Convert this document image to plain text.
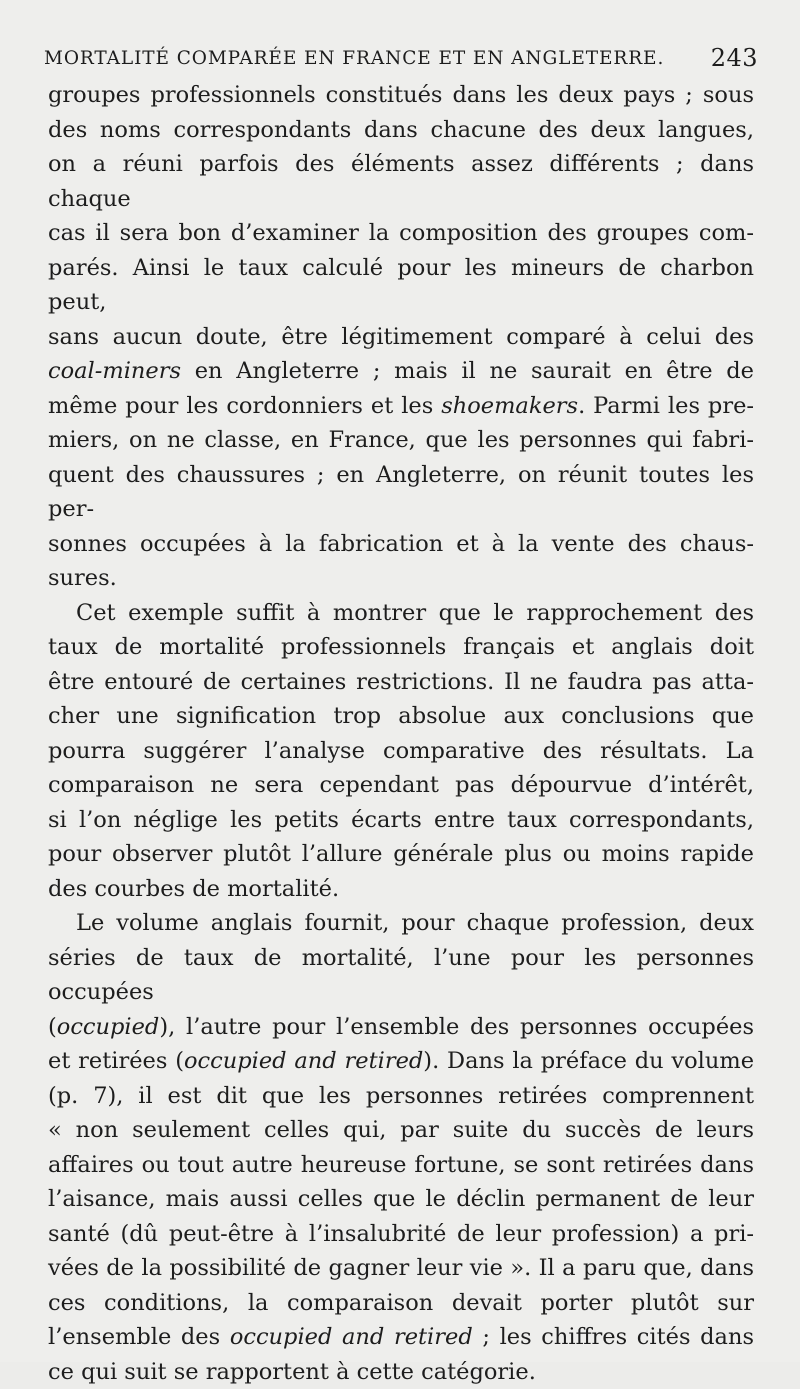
MORTALITÉ COMPARÉE EN FRANCE ET EN ANGLETERRE. 243

groupes professionnels constitués dans les deux pays ; sous

des noms correspondants dans chacune des deux langues,

on a réuni parfois des éléments assez différents ; dans chaque

cas il sera bon d’examiner la composition des groupes com-

parés. Ainsi le taux calculé pour les mineurs de charbon peut,

sans aucun doute, être légitimement comparé à celui des

coal-miners en Angleterre ; mais il ne saurait en être de

même pour les cordonniers et les shoemakers. Parmi les pre-

miers, on ne classe, en France, que les personnes qui fabri-

quent des chaussures ; en Angleterre, on réunit toutes les per-

sonnes occupées à la fabrication et à la vente des chaus-

sures.

Cet exemple suffit à montrer que le rapprochement des

taux de mortalité professionnels français et anglais doit

être entouré de certaines restrictions. Il ne faudra pas atta-

cher une signification trop absolue aux conclusions que

pourra suggérer l’analyse comparative des résultats. La

comparaison ne sera cependant pas dépourvue d’intérêt,

si l’on néglige les petits écarts entre taux correspondants,

pour observer plutôt l’allure générale plus ou moins rapide

des courbes de mortalité.

Le volume anglais fournit, pour chaque profession, deux

séries de taux de mortalité, l’une pour les personnes occupées

(occupied), l’autre pour l’ensemble des personnes occupées

et retirées (occupied and retired). Dans la préface du volume

(p. 7), il est dit que les personnes retirées comprennent

« non seulement celles qui, par suite du succès de leurs

affaires ou tout autre heureuse fortune, se sont retirées dans

l’aisance, mais aussi celles que le déclin permanent de leur

santé (dû peut-être à l’insalubrité de leur profession) a pri-

vées de la possibilité de gagner leur vie ». Il a paru que, dans

ces conditions, la comparaison devait porter plutôt sur

l’ensemble des occupied and retired ; les chiffres cités dans

ce qui suit se rapportent à cette catégorie.
